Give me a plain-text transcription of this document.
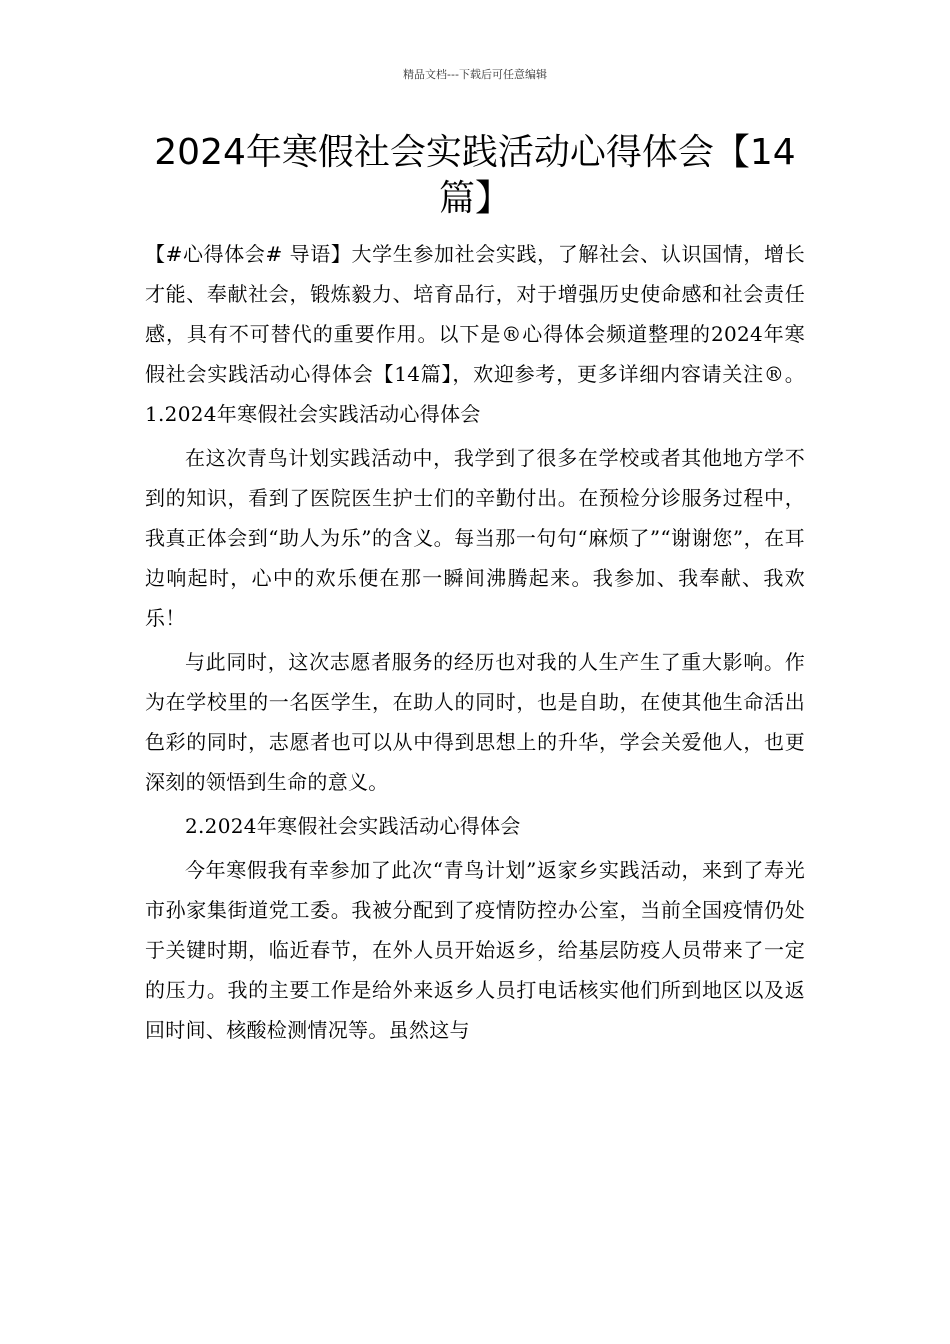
精品文档---下载后可任意编辑
2024年寒假社会实践活动心得体会【14篇】

【#心得体会# 导语】大学生参加社会实践，了解社会、认识国情，增长才能、奉献社会，锻炼毅力、培育品行，对于增强历史使命感和社会责任感，具有不可替代的重要作用。以下是®心得体会频道整理的2024年寒假社会实践活动心得体会【14篇】，欢迎参考，更多详细内容请关注®。1.2024年寒假社会实践活动心得体会

在这次青鸟计划实践活动中，我学到了很多在学校或者其他地方学不到的知识，看到了医院医生护士们的辛勤付出。在预检分诊服务过程中，我真正体会到“助人为乐”的含义。每当那一句句“麻烦了”“谢谢您”，在耳边响起时，心中的欢乐便在那一瞬间沸腾起来。我参加、我奉献、我欢乐！

与此同时，这次志愿者服务的经历也对我的人生产生了重大影响。作为在学校里的一名医学生，在助人的同时，也是自助，在使其他生命活出色彩的同时，志愿者也可以从中得到思想上的升华，学会关爱他人，也更深刻的领悟到生命的意义。

2.2024年寒假社会实践活动心得体会

今年寒假我有幸参加了此次“青鸟计划”返家乡实践活动，来到了寿光市孙家集街道党工委。我被分配到了疫情防控办公室，当前全国疫情仍处于关键时期，临近春节，在外人员开始返乡，给基层防疫人员带来了一定的压力。我的主要工作是给外来返乡人员打电话核实他们所到地区以及返回时间、核酸检测情况等。虽然这与
